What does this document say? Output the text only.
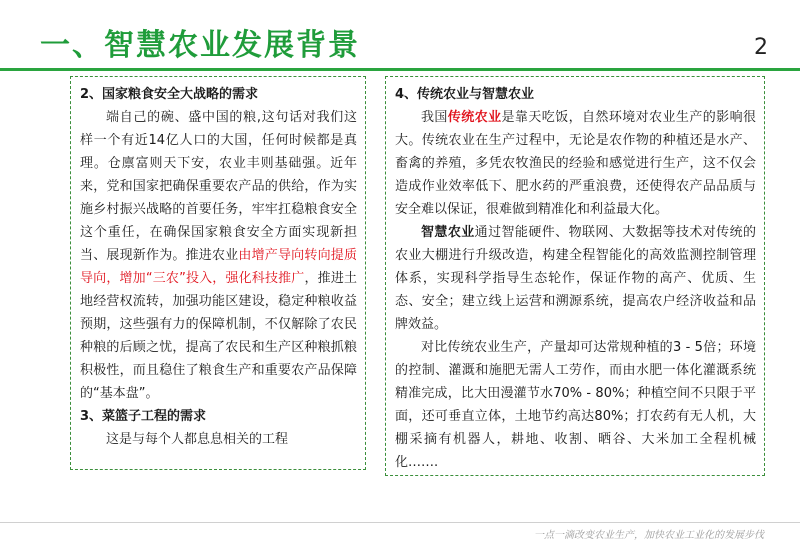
一、智慧农业发展背景	2
2、国家粮食安全大战略的需求
端自己的碗、盛中国的粮,这句话对我们这样一个有近14亿人口的大国，任何时候都是真理。仓廪富则天下安，农业丰则基础强。近年来，党和国家把确保重要农产品的供给，作为实施乡村振兴战略的首要任务，牢牢扛稳粮食安全这个重任，在确保国家粮食安全方面实现新担当、展现新作为。推进农业由增产导向转向提质导向，增加“三农”投入，强化科技推广，推进土地经营权流转，加强功能区建设，稳定种粮收益预期，这些强有力的保障机制，不仅解除了农民种粮的后顾之忧，提高了农民和生产区种粮抓粮积极性，而且稳住了粮食生产和重要农产品保障的“基本盘”。
3、菜篮子工程的需求
这是与每个人都息息相关的工程
4、传统农业与智慧农业
我国传统农业是靠天吃饭，自然环境对农业生产的影响很大。传统农业在生产过程中，无论是农作物的种植还是水产、畜禽的养殖，多凭农牧渔民的经验和感觉进行生产，这不仅会造成作业效率低下、肥水药的严重浪费，还使得农产品品质与安全难以保证，很难做到精准化和利益最大化。
智慧农业通过智能硬件、物联网、大数据等技术对传统的农业大棚进行升级改造，构建全程智能化的高效监测控制管理体系，实现科学指导生态轮作，保证作物的高产、优质、生态、安全；建立线上运营和溯源系统，提高农户经济收益和品牌效益。
对比传统农业生产，产量却可达常规种植的3 - 5倍；环境的控制、灌溉和施肥无需人工劳作，而由水肥一体化灌溉系统精准完成，比大田漫灌节水70% - 80%；种植空间不只限于平面，还可垂直立体，土地节约高达80%；打农药有无人机，大棚采摘有机器人，耕地、收割、晒谷、大米加工全程机械化…….
一点一滴改变农业生产，加快农业工业化的发展步伐
